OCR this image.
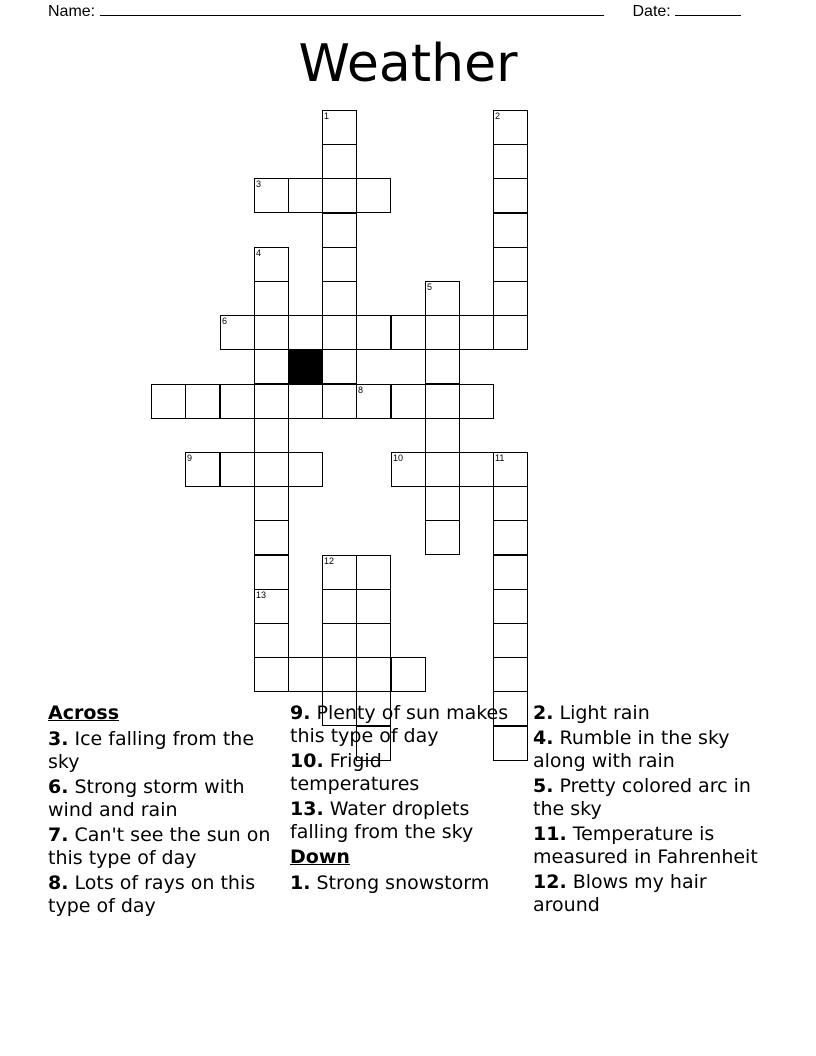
Name:	Date:
Weather
1	2
3
4
13
5
6
8
9	10	11
12
Across
3. Ice falling from the sky
6. Strong storm with wind and rain
7. Can't see the sun on this type of day
8. Lots of rays on this type of day
9. Plenty of sun makes this type of day
10. Frigid temperatures
13. Water droplets falling from the sky
Down
1. Strong snowstorm
2. Light rain
4. Rumble in the sky along with rain
5. Pretty colored arc in the sky
11. Temperature is measured in Fahrenheit
12. Blows my hair around
